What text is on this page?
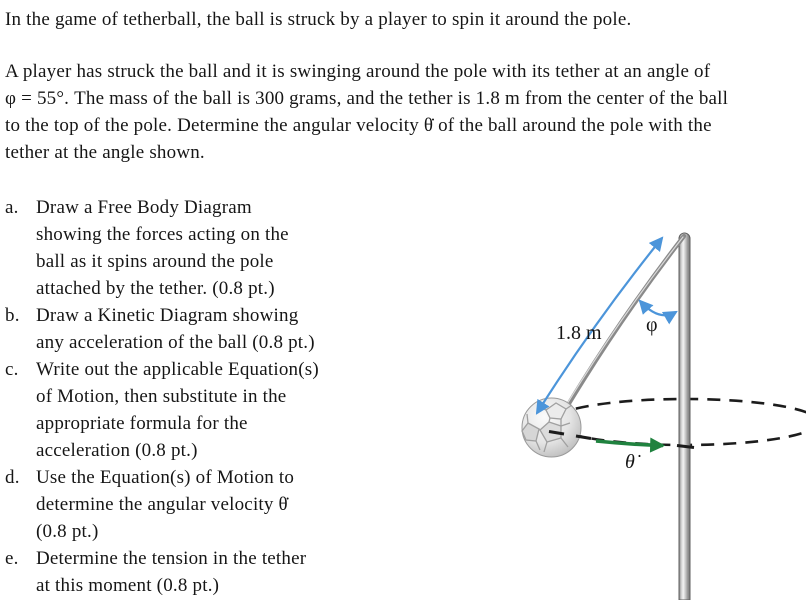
In the game of tetherball, the ball is struck by a player to spin it around the pole.
A player has struck the ball and it is swinging around the pole with its tether at an angle of
φ = 55°. The mass of the ball is 300 grams, and the tether is 1.8 m from the center of the ball
to the top of the pole. Determine the angular velocity θ̇ of the ball around the pole with the
tether at the angle shown.
a. Draw a Free Body Diagram
showing the forces acting on the
ball as it spins around the pole
attached by the tether. (0.8 pt.)
b. Draw a Kinetic Diagram showing
any acceleration of the ball (0.8 pt.)
c. Write out the applicable Equation(s)
of Motion, then substitute in the
appropriate formula for the
acceleration (0.8 pt.)
d. Use the Equation(s) of Motion to
determine the angular velocity θ̇
(0.8 pt.)
e. Determine the tension in the tether
at this moment (0.8 pt.)
θ̇
1.8 m φ
